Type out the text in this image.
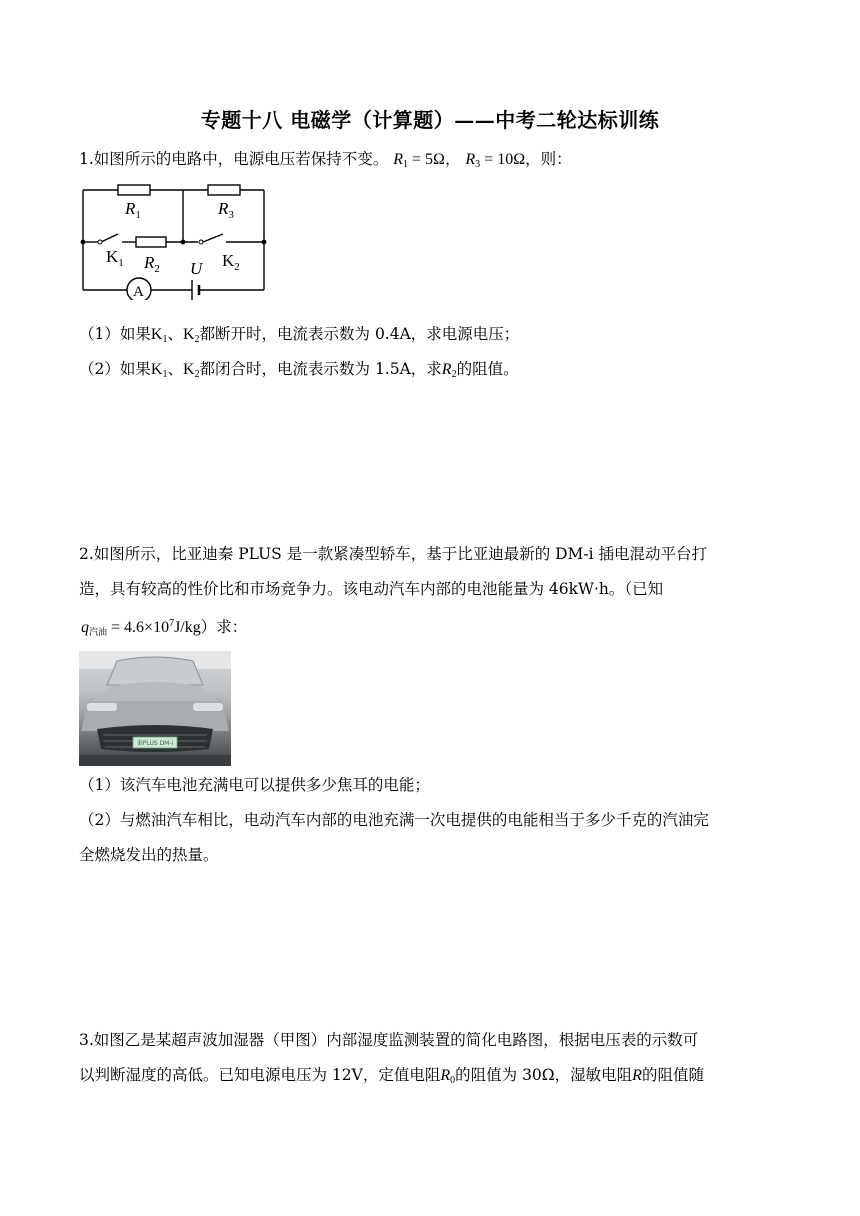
专题十八 电磁学（计算题）——中考二轮达标训练
1.如图所示的电路中，电源电压若保持不变。 $R_1 = 5\Omega$， $R_3 = 10\Omega$，则：
$R_1$	$R_3$
$R_2$
$K_1$	$K_2$
U
A
（1）如果$K_1$、$K_2$都断开时，电流表示数为 0.4A，求电源电压；
（2）如果$K_1$、$K_2$都闭合时，电流表示数为 1.5A，求$R_2$的阻值。
2.如图所示，比亚迪秦 PLUS 是一款紧凑型轿车，基于比亚迪最新的 DM-i 插电混动平台打
造，具有较高的性价比和市场竞争力。该电动汽车内部的电池能量为 46kW·h。（已知
$q_{汽油} = 4.6\times 10^7J/kg$）求：
秦PLUS DM-i
（1）该汽车电池充满电可以提供多少焦耳的电能；
（2）与燃油汽车相比，电动汽车内部的电池充满一次电提供的电能相当于多少千克的汽油完
全燃烧发出的热量。
3.如图乙是某超声波加湿器（甲图）内部湿度监测装置的简化电路图，根据电压表的示数可
以判断湿度的高低。已知电源电压为 12V，定值电阻$R_0$的阻值为 30Ω，湿敏电阻R的阻值随
